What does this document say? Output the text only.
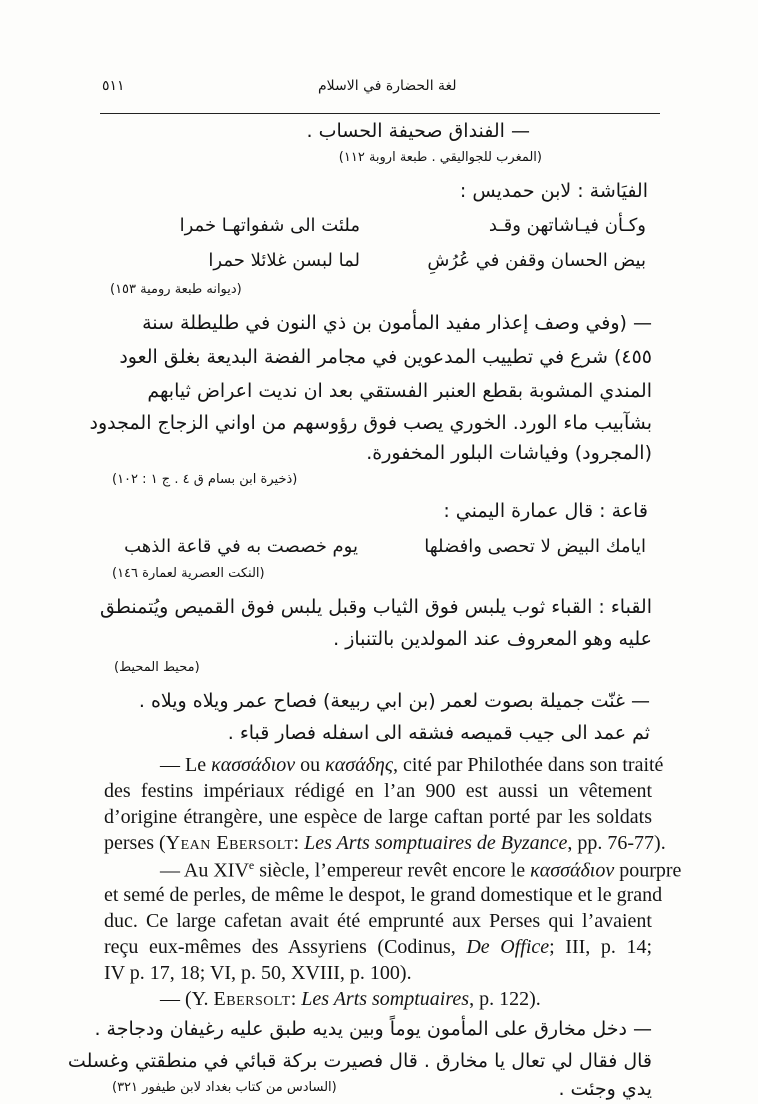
٥١١	لغة الحضارة في الاسلام
— الفنداق صحيفة الحساب .
(المغرب للجواليقي . طبعة اروبة ١١٢)
الفيَاشة : لابن حمديس :
وكـأن فيـاشاتهن وقـد
ملئت الى شفواتهـا خمرا
بيض الحسان وقفن في عُرُشِ
لما لبسن غلائلا حمرا
(ديوانه طبعة رومية ١٥٣)
— (وفي وصف إعذار مفيد المأمون بن ذي النون في طليطلة سنة
٤٥٥) شرع في تطييب المدعوين في مجامر الفضة البديعة بغلق العود
المندي المشوبة بقطع العنبر الفستقي بعد ان نديت اعراض ثيابهم
بشآبيب ماء الورد. الخوري يصب فوق رؤوسهم من اواني الزجاج المجدود
(المجرود) وفياشات البلور المخفورة.
(ذخيرة ابن بسام ق ٤ . ج ١ : ١٠٢)
قاعة : قال عمارة اليمني :
ايامك البيض لا تحصى وافضلها
يوم خصصت به في قاعة الذهب
(النكت العصرية لعمارة ١٤٦)
القباء : القباء ثوب يلبس فوق الثياب وقبل يلبس فوق القميص ويُتمنطق
عليه وهو المعروف عند المولدين بالتنباز .
(محيط المحيط)
— غنّت جميلة بصوت لعمر (بن ابي ربيعة) فصاح عمر ويلاه ويلاه .
ثم عمد الى جيب قميصه فشقه الى اسفله فصار قباء .
— Le κασσάδιον ou κασάδης, cité par Philothée dans son traité
des festins impériaux rédigé en l’an 900 est aussi un vêtement
d’origine étrangère, une espèce de large caftan porté par les soldats
perses (Yean Ebersolt: Les Arts somptuaires de Byzance, pp. 76-77).
— Au XIVe siècle, l’empereur revêt encore le κασσάδιον pourpre
et semé de perles, de même le despot, le grand domestique et le grand
duc. Ce large cafetan avait été emprunté aux Perses qui l’avaient
reçu eux-mêmes des Assyriens (Codinus, De Office; III, p. 14;
IV p. 17, 18; VI, p. 50, XVIII, p. 100).
— (Y. Ebersolt: Les Arts somptuaires, p. 122).
— دخل مخارق على المأمون يوماً وبين يديه طبق عليه رغيفان ودجاجة .
قال فقال لي تعال يا مخارق . قال فصيرت بركة قبائي في منطقتي وغسلت
يدي وجئت .
(السادس من كتاب بغداد لابن طيفور ٣٢١)
